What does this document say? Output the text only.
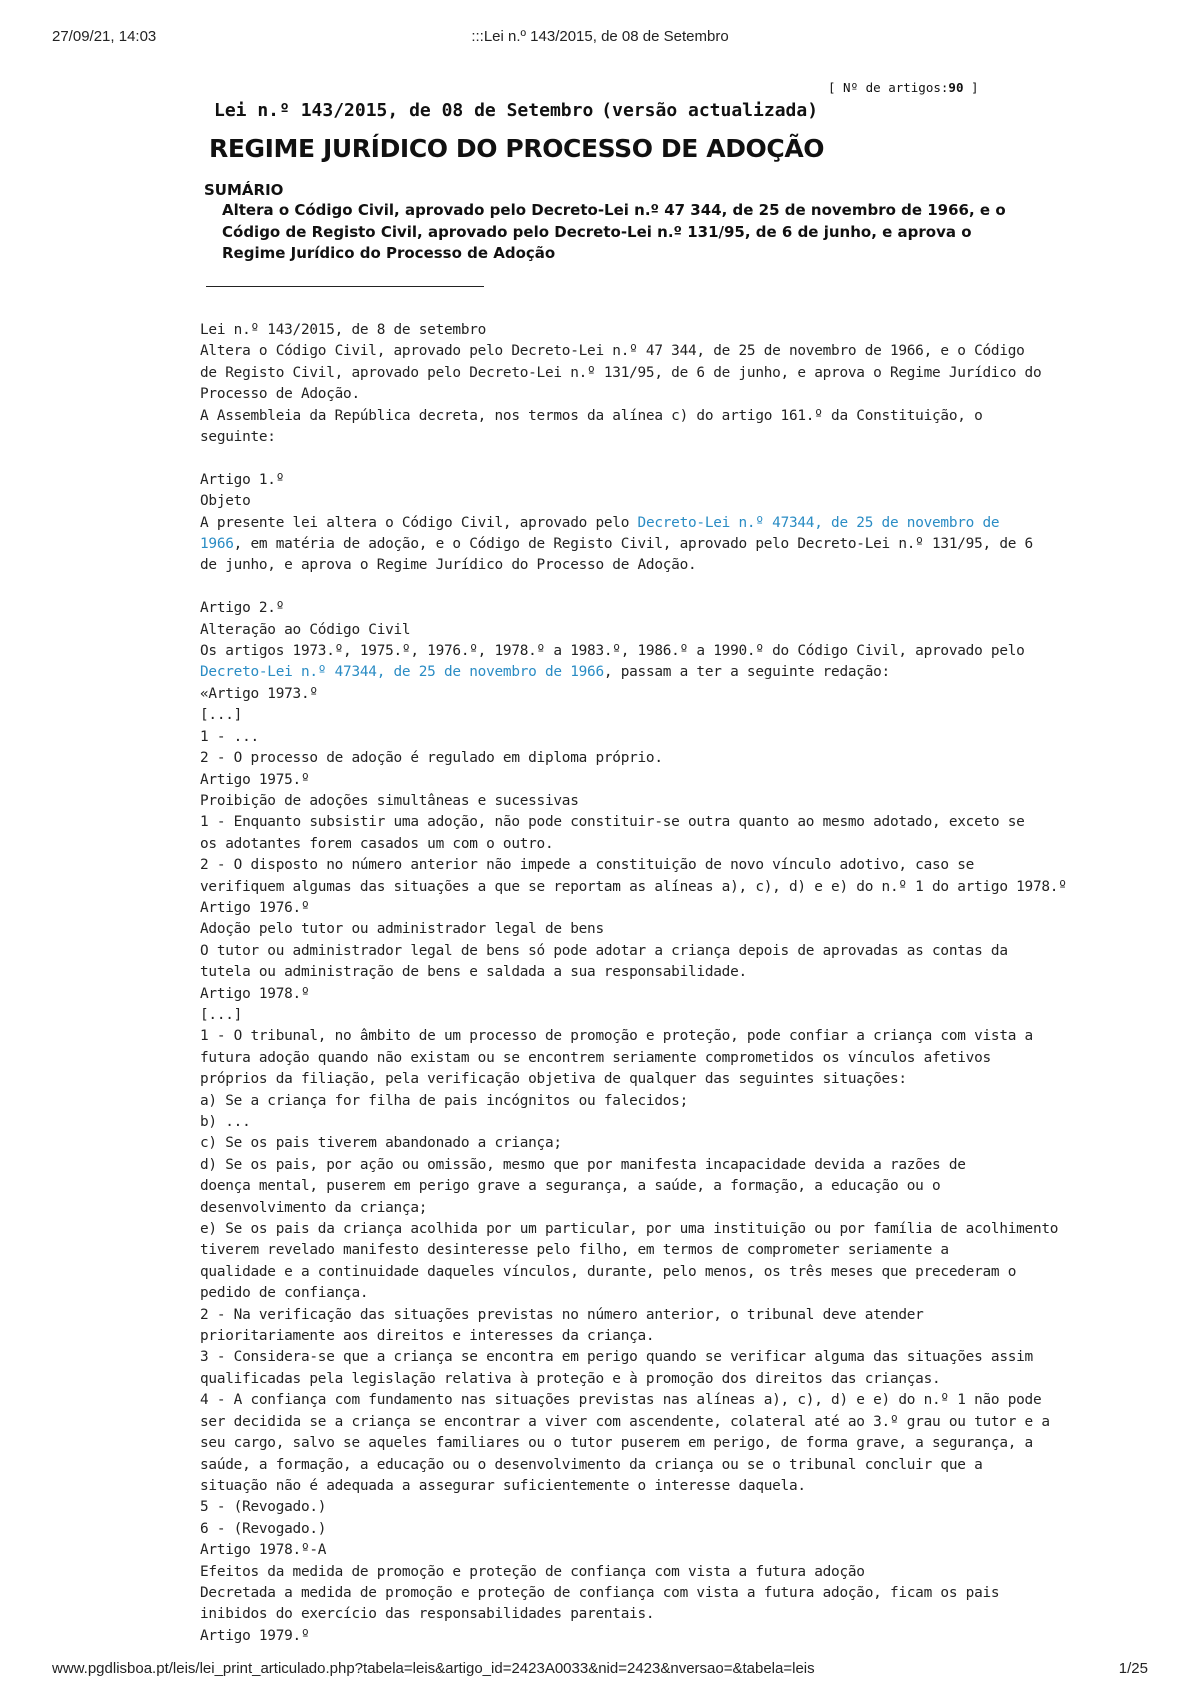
27/09/21, 14:03	:::Lei n.º 143/2015, de 08 de Setembro
[ Nº de artigos:90 ]
Lei n.º 143/2015, de 08 de Setembro (versão actualizada)
REGIME JURÍDICO DO PROCESSO DE ADOÇÃO
SUMÁRIO
Altera o Código Civil, aprovado pelo Decreto-Lei n.º 47 344, de 25 de novembro de 1966, e o
Código de Registo Civil, aprovado pelo Decreto-Lei n.º 131/95, de 6 de junho, e aprova o
Regime Jurídico do Processo de Adoção
Lei n.º 143/2015, de 8 de setembro
Altera o Código Civil, aprovado pelo Decreto-Lei n.º 47 344, de 25 de novembro de 1966, e o Código
de Registo Civil, aprovado pelo Decreto-Lei n.º 131/95, de 6 de junho, e aprova o Regime Jurídico do
Processo de Adoção.
A Assembleia da República decreta, nos termos da alínea c) do artigo 161.º da Constituição, o
seguinte:
Artigo 1.º
Objeto
A presente lei altera o Código Civil, aprovado pelo Decreto-Lei n.º 47344, de 25 de novembro de
1966, em matéria de adoção, e o Código de Registo Civil, aprovado pelo Decreto-Lei n.º 131/95, de 6
de junho, e aprova o Regime Jurídico do Processo de Adoção.
Artigo 2.º
Alteração ao Código Civil
Os artigos 1973.º, 1975.º, 1976.º, 1978.º a 1983.º, 1986.º a 1990.º do Código Civil, aprovado pelo
Decreto-Lei n.º 47344, de 25 de novembro de 1966, passam a ter a seguinte redação:
«Artigo 1973.º
[...]
1 - ...
2 - O processo de adoção é regulado em diploma próprio.
Artigo 1975.º
Proibição de adoções simultâneas e sucessivas
1 - Enquanto subsistir uma adoção, não pode constituir-se outra quanto ao mesmo adotado, exceto se
os adotantes forem casados um com o outro.
2 - O disposto no número anterior não impede a constituição de novo vínculo adotivo, caso se
verifiquem algumas das situações a que se reportam as alíneas a), c), d) e e) do n.º 1 do artigo 1978.º
Artigo 1976.º
Adoção pelo tutor ou administrador legal de bens
O tutor ou administrador legal de bens só pode adotar a criança depois de aprovadas as contas da
tutela ou administração de bens e saldada a sua responsabilidade.
Artigo 1978.º
[...]
1 - O tribunal, no âmbito de um processo de promoção e proteção, pode confiar a criança com vista a
futura adoção quando não existam ou se encontrem seriamente comprometidos os vínculos afetivos
próprios da filiação, pela verificação objetiva de qualquer das seguintes situações:
a) Se a criança for filha de pais incógnitos ou falecidos;
b) ...
c) Se os pais tiverem abandonado a criança;
d) Se os pais, por ação ou omissão, mesmo que por manifesta incapacidade devida a razões de
doença mental, puserem em perigo grave a segurança, a saúde, a formação, a educação ou o
desenvolvimento da criança;
e) Se os pais da criança acolhida por um particular, por uma instituição ou por família de acolhimento
tiverem revelado manifesto desinteresse pelo filho, em termos de comprometer seriamente a
qualidade e a continuidade daqueles vínculos, durante, pelo menos, os três meses que precederam o
pedido de confiança.
2 - Na verificação das situações previstas no número anterior, o tribunal deve atender
prioritariamente aos direitos e interesses da criança.
3 - Considera-se que a criança se encontra em perigo quando se verificar alguma das situações assim
qualificadas pela legislação relativa à proteção e à promoção dos direitos das crianças.
4 - A confiança com fundamento nas situações previstas nas alíneas a), c), d) e e) do n.º 1 não pode
ser decidida se a criança se encontrar a viver com ascendente, colateral até ao 3.º grau ou tutor e a
seu cargo, salvo se aqueles familiares ou o tutor puserem em perigo, de forma grave, a segurança, a
saúde, a formação, a educação ou o desenvolvimento da criança ou se o tribunal concluir que a
situação não é adequada a assegurar suficientemente o interesse daquela.
5 - (Revogado.)
6 - (Revogado.)
Artigo 1978.º-A
Efeitos da medida de promoção e proteção de confiança com vista a futura adoção
Decretada a medida de promoção e proteção de confiança com vista a futura adoção, ficam os pais
inibidos do exercício das responsabilidades parentais.
Artigo 1979.º
www.pgdlisboa.pt/leis/lei_print_articulado.php?tabela=leis&artigo_id=2423A0033&nid=2423&nversao=&tabela=leis	1/25
